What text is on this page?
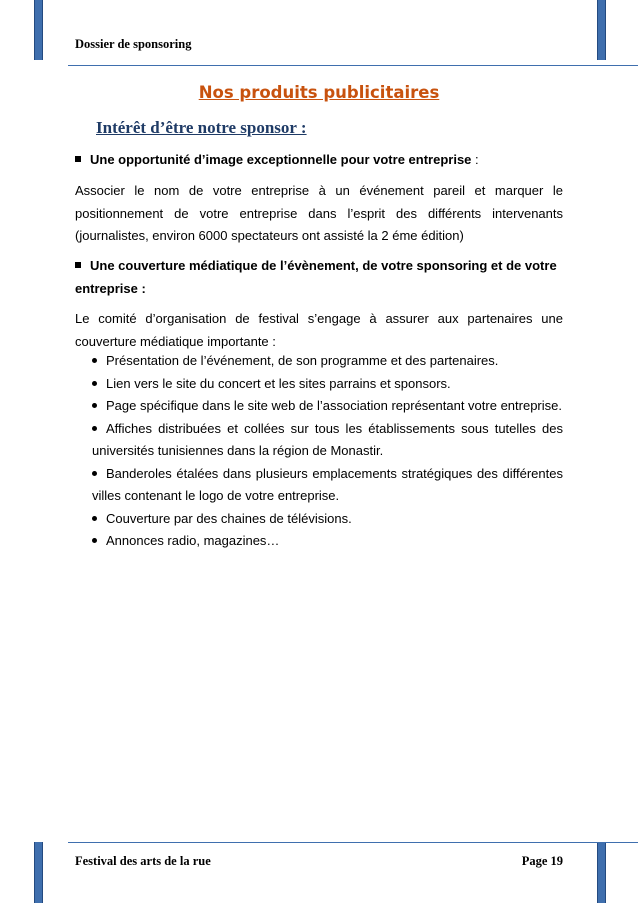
Dossier de sponsoring
Nos produits publicitaires
Intérêt d’être notre sponsor :
Une opportunité d’image exceptionnelle pour votre entreprise :
Associer le nom de votre entreprise à un événement pareil et marquer le positionnement de votre entreprise dans l’esprit des différents intervenants (journalistes, environ 6000 spectateurs ont assisté la 2 éme édition)
Une couverture médiatique de l’évènement, de votre sponsoring et de votre entreprise :
Le comité d’organisation de festival s’engage à assurer aux partenaires une couverture médiatique importante :
Présentation de l’événement, de son programme et des partenaires.
Lien vers le site du concert et les sites parrains et sponsors.
Page spécifique dans le site web de l’association représentant votre entreprise.
Affiches distribuées et collées sur tous les établissements sous tutelles des universités tunisiennes dans la région de Monastir.
Banderoles étalées dans plusieurs emplacements stratégiques des différentes villes contenant le logo de votre entreprise.
Couverture par des chaines de télévisions.
Annonces radio, magazines…
Festival des arts de la rue	Page 19
